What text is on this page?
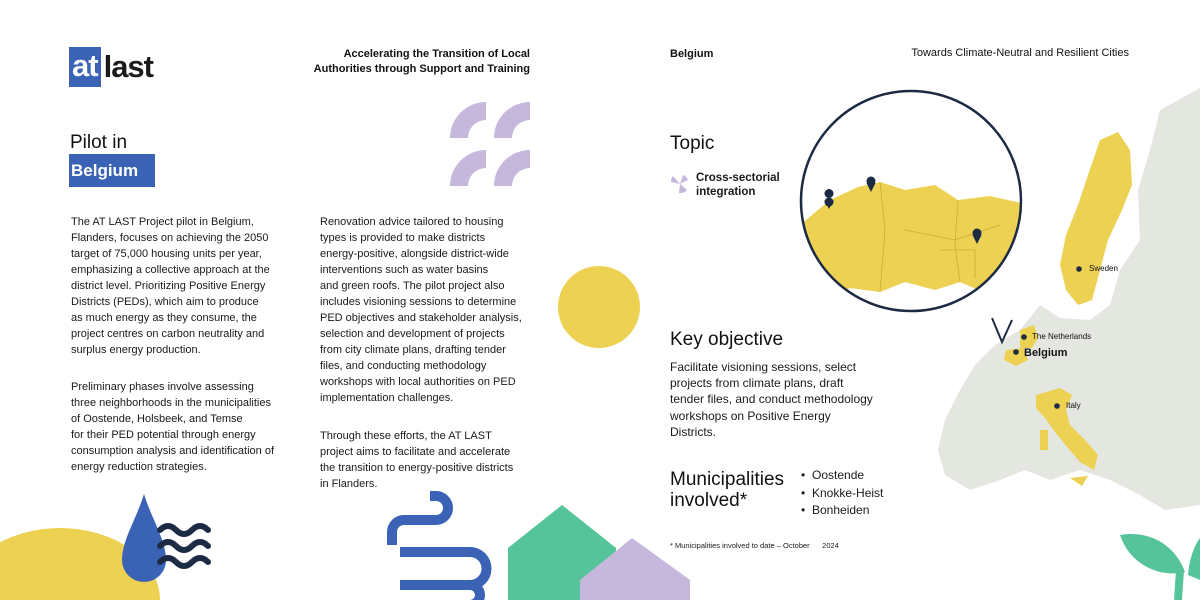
at last	Accelerating the Transition of Local
Authorities through Support and Training
Belgium	Towards Climate-Neutral and Resilient Cities
Pilot in
Belgium
The AT LAST Project pilot in Belgium,
Flanders, focuses on achieving the 2050
target of 75,000 housing units per year,
emphasizing a collective approach at the
district level. Prioritizing Positive Energy
Districts (PEDs), which aim to produce
as much energy as they consume, the
project centres on carbon neutrality and
surplus energy production.
Preliminary phases involve assessing
three neighborhoods in the municipalities
of Oostende, Holsbeek, and Temse
for their PED potential through energy
consumption analysis and identification of
energy reduction strategies.
Renovation advice tailored to housing
types is provided to make districts
energy-positive, alongside district-wide
interventions such as water basins
and green roofs. The pilot project also
includes visioning sessions to determine
PED objectives and stakeholder analysis,
selection and development of projects
from city climate plans, drafting tender
files, and conducting methodology
workshops with local authorities on PED
implementation challenges.
Through these efforts, the AT LAST
project aims to facilitate and accelerate
the transition to energy-positive districts
in Flanders.
Sweden
The Netherlands
Belgium
Italy
Topic
Cross-sectorial
integration
Key objective
Facilitate visioning sessions, select
projects from climate plans, draft
tender files, and conduct methodology
workshops on Positive Energy
Districts.
Municipalities
involved*
• Oostende
• Knokke-Heist
• Bonheiden
* Municipalities involved to date – October      2024
